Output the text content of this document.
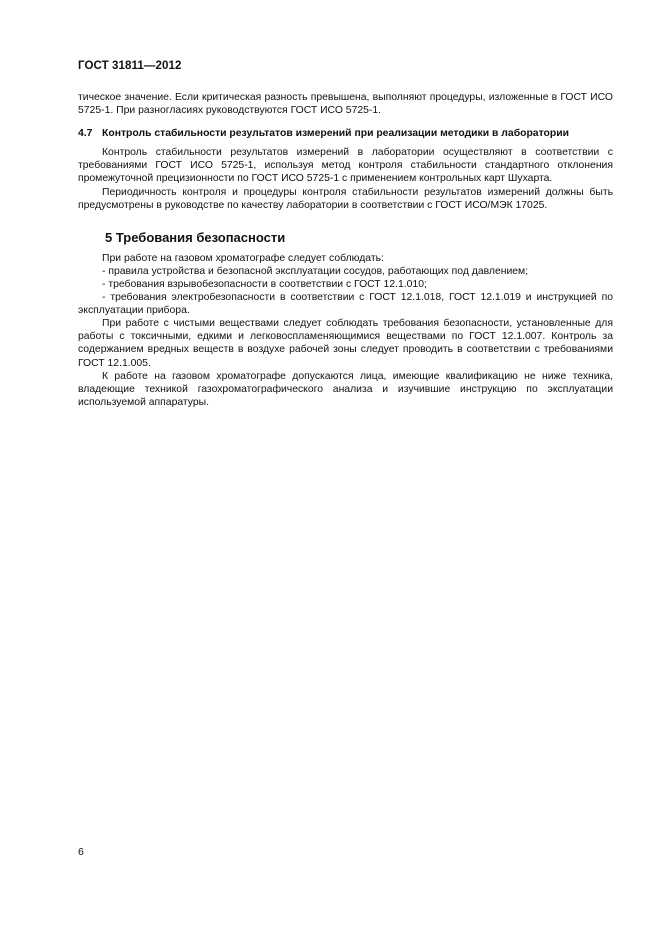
ГОСТ 31811—2012

тическое значение. Если критическая разность превышена, выполняют процедуры, изложенные в ГОСТ ИСО 5725-1. При разногласиях руководствуются ГОСТ ИСО 5725-1.

4.7 Контроль стабильности результатов измерений при реализации методики в лаборатории

Контроль стабильности результатов измерений в лаборатории осуществляют в соответствии с требованиями ГОСТ ИСО 5725-1, используя метод контроля стабильности стандартного отклонения промежуточной прецизионности по ГОСТ ИСО 5725-1 с применением контрольных карт Шухарта.

Периодичность контроля и процедуры контроля стабильности результатов измерений должны быть предусмотрены в руководстве по качеству лаборатории в соответствии с ГОСТ ИСО/МЭК 17025.

5 Требования безопасности

При работе на газовом хроматографе следует соблюдать:

- правила устройства и безопасной эксплуатации сосудов, работающих под давлением;

- требования взрывобезопасности в соответствии с ГОСТ 12.1.010;

- требования электробезопасности в соответствии с ГОСТ 12.1.018, ГОСТ 12.1.019 и инструкцией по эксплуатации прибора.

При работе с чистыми веществами следует соблюдать требования безопасности, установленные для работы с токсичными, едкими и легковоспламеняющимися веществами по ГОСТ 12.1.007. Контроль за содержанием вредных веществ в воздухе рабочей зоны следует проводить в соответствии с требованиями ГОСТ 12.1.005.

К работе на газовом хроматографе допускаются лица, имеющие квалификацию не ниже техника, владеющие техникой газохроматографического анализа и изучившие инструкцию по эксплуатации используемой аппаратуры.

6
